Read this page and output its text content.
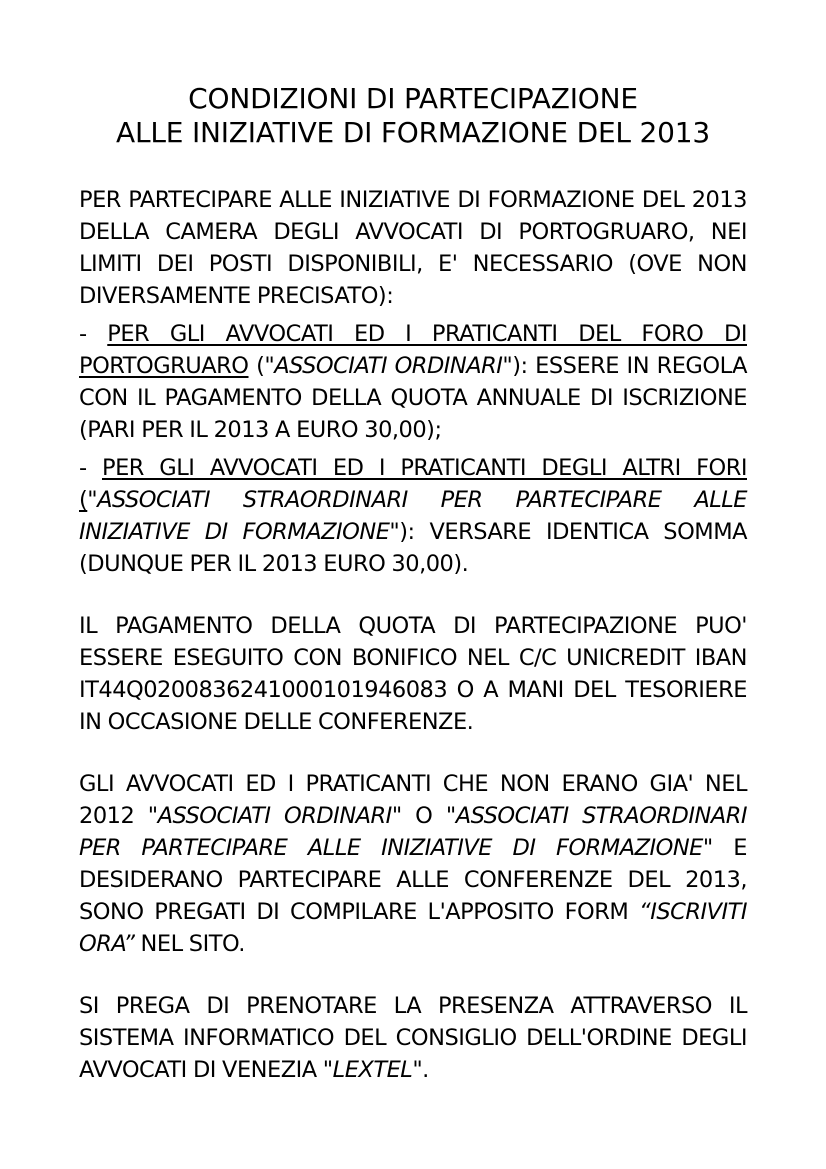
CONDIZIONI DI PARTECIPAZIONE
ALLE INIZIATIVE DI FORMAZIONE DEL 2013

PER PARTECIPARE ALLE INIZIATIVE DI FORMAZIONE DEL 2013 DELLA CAMERA DEGLI AVVOCATI DI PORTOGRUARO, NEI LIMITI DEI POSTI DISPONIBILI, E' NECESSARIO (OVE NON DIVERSAMENTE PRECISATO):

- PER GLI AVVOCATI ED I PRATICANTI DEL FORO DI PORTOGRUARO ("ASSOCIATI ORDINARI"): ESSERE IN REGOLA CON IL PAGAMENTO DELLA QUOTA ANNUALE DI ISCRIZIONE (PARI PER IL 2013 A EURO 30,00);

- PER GLI AVVOCATI ED I PRATICANTI DEGLI ALTRI FORI ("ASSOCIATI STRAORDINARI PER PARTECIPARE ALLE INIZIATIVE DI FORMAZIONE"): VERSARE IDENTICA SOMMA (DUNQUE PER IL 2013 EURO 30,00).

IL PAGAMENTO DELLA QUOTA DI PARTECIPAZIONE PUO' ESSERE ESEGUITO CON BONIFICO NEL C/C UNICREDIT IBAN IT44Q0200836241000101946083 O A MANI DEL TESORIERE IN OCCASIONE DELLE CONFERENZE.

GLI AVVOCATI ED I PRATICANTI CHE NON ERANO GIA' NEL 2012 "ASSOCIATI ORDINARI" O "ASSOCIATI STRAORDINARI PER PARTECIPARE ALLE INIZIATIVE DI FORMAZIONE" E DESIDERANO PARTECIPARE ALLE CONFERENZE DEL 2013, SONO PREGATI DI COMPILARE L'APPOSITO FORM “ISCRIVITI ORA” NEL SITO.

SI PREGA DI PRENOTARE LA PRESENZA ATTRAVERSO IL SISTEMA INFORMATICO DEL CONSIGLIO DELL'ORDINE DEGLI AVVOCATI DI VENEZIA "LEXTEL".
